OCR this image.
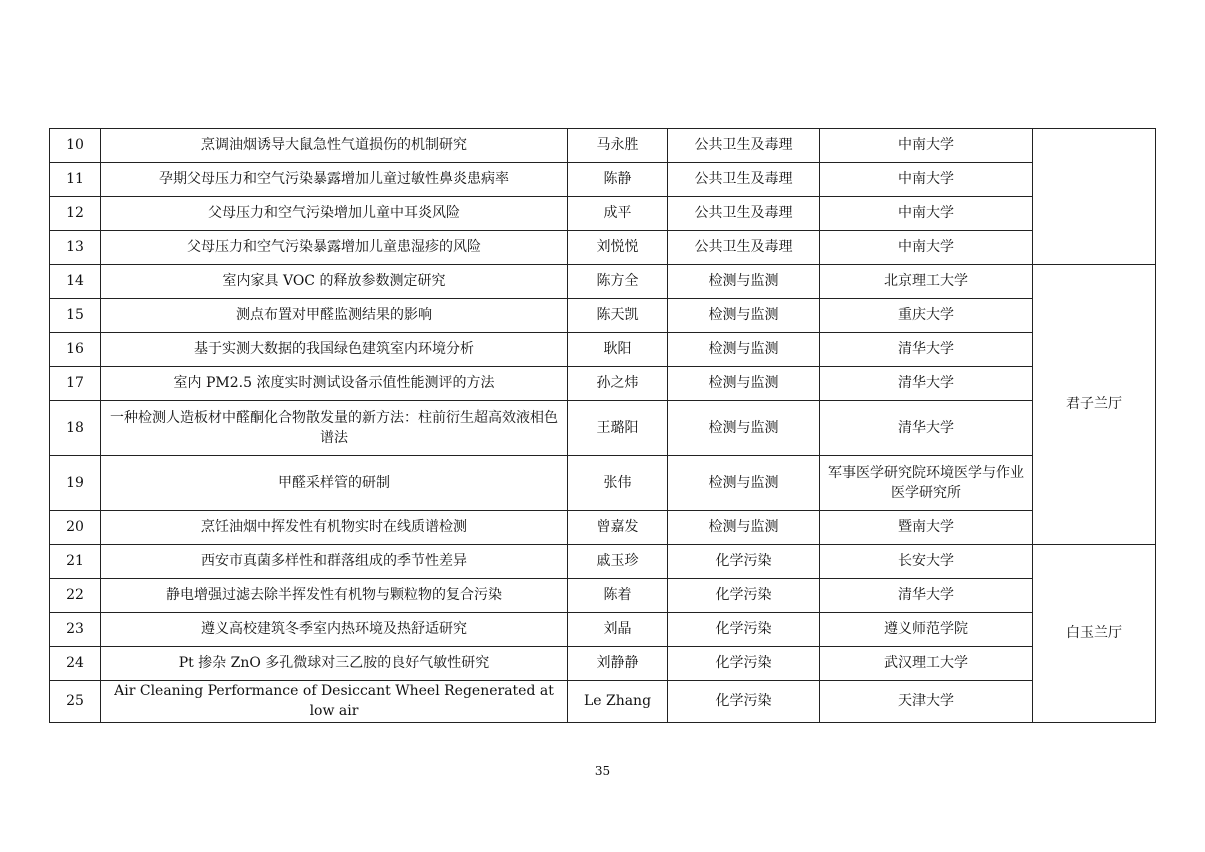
10	烹调油烟诱导大鼠急性气道损伤的机制研究	马永胜	公共卫生及毒理	中南大学	
11	孕期父母压力和空气污染暴露增加儿童过敏性鼻炎患病率	陈静	公共卫生及毒理	中南大学	
12	父母压力和空气污染增加儿童中耳炎风险	成平	公共卫生及毒理	中南大学	
13	父母压力和空气污染暴露增加儿童患湿疹的风险	刘悦悦	公共卫生及毒理	中南大学	
14	室内家具 VOC 的释放参数测定研究	陈方全	检测与监测	北京理工大学	君子兰厅
15	测点布置对甲醛监测结果的影响	陈天凯	检测与监测	重庆大学	
16	基于实测大数据的我国绿色建筑室内环境分析	耿阳	检测与监测	清华大学	
17	室内 PM2.5 浓度实时测试设备示值性能测评的方法	孙之炜	检测与监测	清华大学	
18	一种检测人造板材中醛酮化合物散发量的新方法：柱前衍生超高效液相色谱法	王璐阳	检测与监测	清华大学	
19	甲醛采样管的研制	张伟	检测与监测	军事医学研究院环境医学与作业医学研究所	
20	烹饪油烟中挥发性有机物实时在线质谱检测	曾嘉发	检测与监测	暨南大学	
21	西安市真菌多样性和群落组成的季节性差异	戚玉珍	化学污染	长安大学	白玉兰厅
22	静电增强过滤去除半挥发性有机物与颗粒物的复合污染	陈着	化学污染	清华大学	
23	遵义高校建筑冬季室内热环境及热舒适研究	刘晶	化学污染	遵义师范学院	
24	Pt 掺杂 ZnO 多孔微球对三乙胺的良好气敏性研究	刘静静	化学污染	武汉理工大学	
25	Air Cleaning Performance of Desiccant Wheel Regenerated at low air	Le Zhang	化学污染	天津大学	
35
